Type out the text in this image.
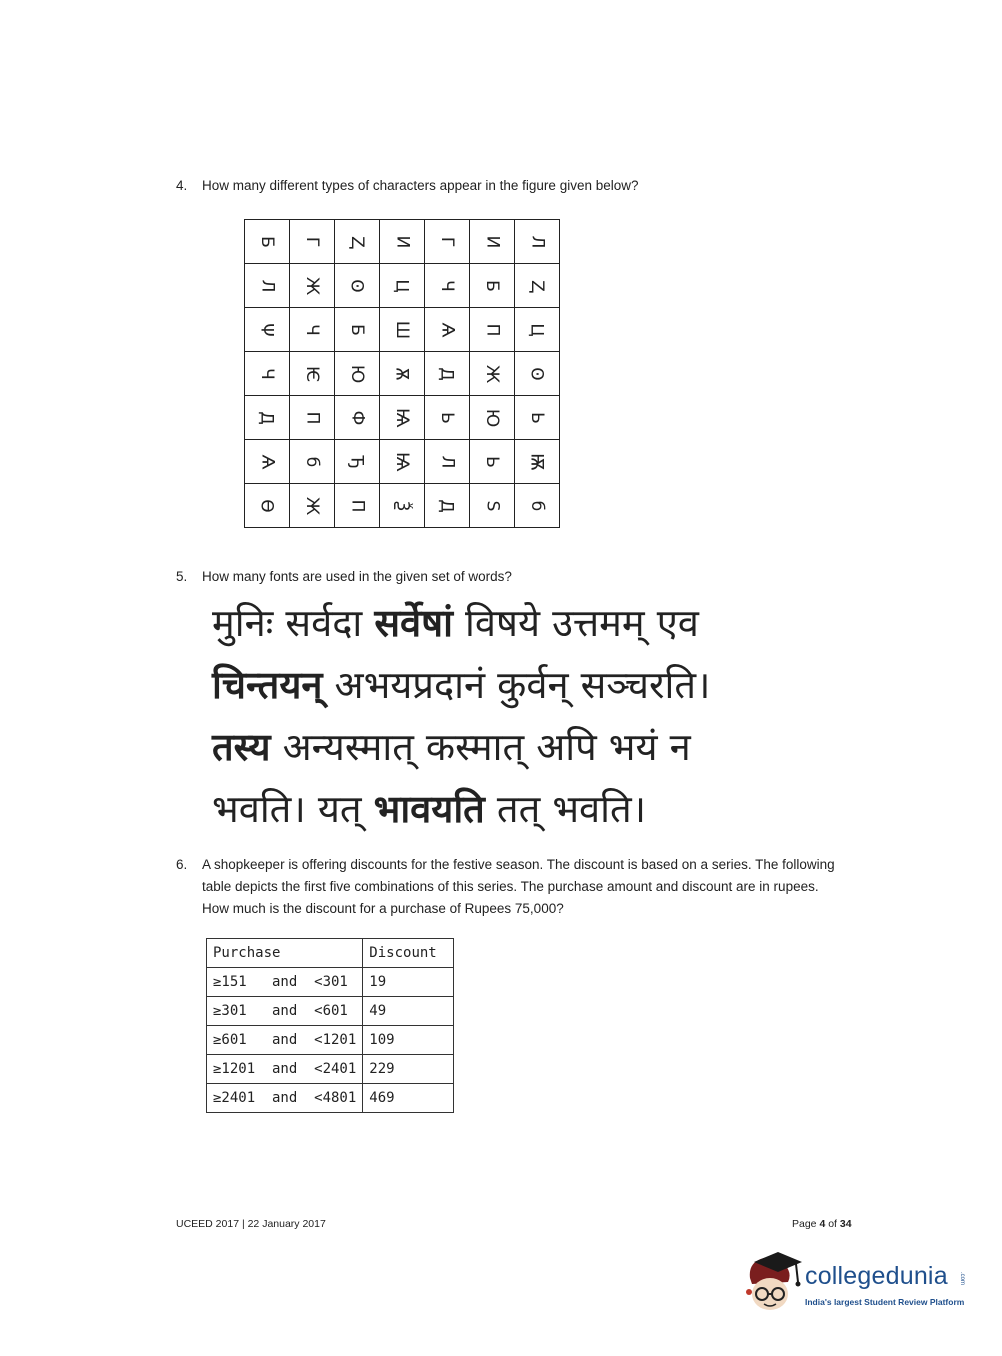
4. How many different types of characters appear in the figure given below?
Б	Г	Ⱬ	И	Г	И	Л
Л	Ж	Ꙩ	Ц	Ч	Б	Ⱬ
Ψ	Ч	Б	Ш	Ѧ	П	Ц
Ч	Ѥ	Ю	Ѫ	Д	Ж	Ꙩ
Д	П	Ф	Ѩ	Ь	Ю	Ь
Ѧ	б	Ђ	Ѩ	Л	Ь	Ѭ
Ѳ	Ж	П	Ѯ	Д	Ѕ	б
5. How many fonts are used in the given set of words?
मुनिः सर्वदा सर्वेषां विषये उत्तमम् एव
चिन्तयन् अभयप्रदानं कुर्वन् सञ्चरति।
तस्य अन्यस्मात् कस्मात् अपि भयं न
भवति। यत् भावयति तत् भवति।
6. A shopkeeper is offering discounts for the festive season. The discount is based on a series. The following table depicts the first five combinations of this series. The purchase amount and discount are in rupees. How much is the discount for a purchase of Rupees 75,000?
Purchase	Discount
≥151   and  <301	19
≥301   and  <601	49
≥601   and  <1201	109
≥1201  and  <2401	229
≥2401  and  <4801	469
UCEED 2017 | 22 January 2017	Page 4 of 34
collegedunia .com
India's largest Student Review Platform
